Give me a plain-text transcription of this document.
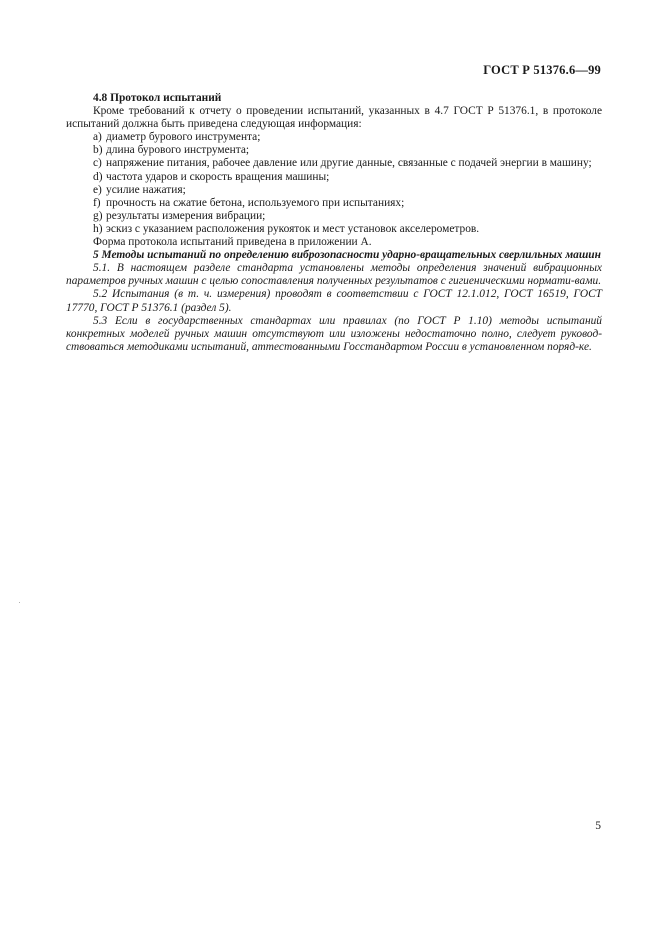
ГОСТ Р 51376.6—99

4.8 Протокол испытаний

Кроме требований к отчету о проведении испытаний, указанных в 4.7 ГОСТ Р 51376.1, в протоколе испытаний должна быть приведена следующая информация:

a) диаметр бурового инструмента;

b) длина бурового инструмента;

c) напряжение питания, рабочее давление или другие данные, связанные с подачей энергии в машину;

d) частота ударов и скорость вращения машины;

e) усилие нажатия;

f) прочность на сжатие бетона, используемого при испытаниях;

g) результаты измерения вибрации;

h) эскиз с указанием расположения рукояток и мест установок акселерометров.

Форма протокола испытаний приведена в приложении А.

5 Методы испытаний по определению виброзопасности ударно-вращательных сверлильных машин

5.1. В настоящем разделе стандарта установлены методы определения значений вибрационных параметров ручных машин с целью сопоставления полученных результатов с гигиеническими нормати-вами.

5.2 Испытания (в т. ч. измерения) проводят в соответствии с ГОСТ 12.1.012, ГОСТ 16519, ГОСТ 17770, ГОСТ Р 51376.1 (раздел 5).

5.3 Если в государственных стандартах или правилах (по ГОСТ Р 1.10) методы испытаний конкретных моделей ручных машин отсутствуют или изложены недостаточно полно, следует руковод-ствоваться методиками испытаний, аттестованными Госстандартом России в установленном поряд-ке.

5
